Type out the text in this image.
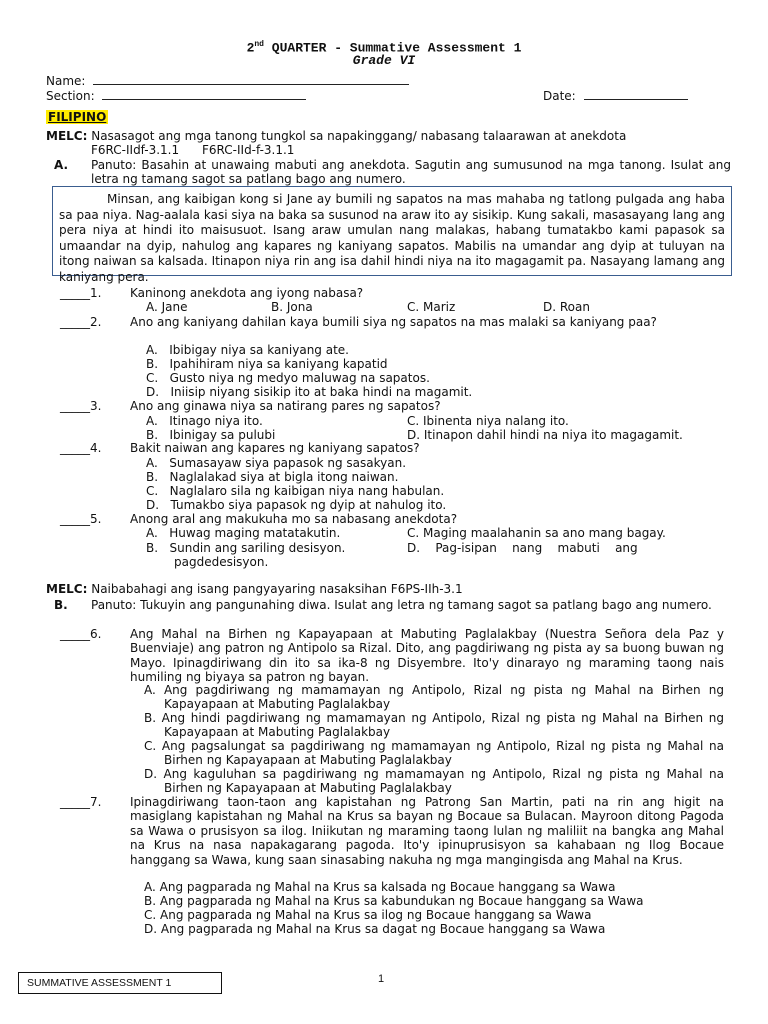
2nd QUARTER - Summative Assessment 1
Grade VI
Name:
Section:	Date:
FILIPINO
MELC: Nasasagot ang mga tanong tungkol sa napakinggang/ nabasang talaarawan at anekdota
F6RC-IIdf-3.1.1      F6RC-IId-f-3.1.1
A. Panuto: Basahin at unawaing mabuti ang anekdota. Sagutin ang sumusunod na mga tanong. Isulat ang letra ng tamang sagot sa patlang bago ang numero.
Minsan, ang kaibigan kong si Jane ay bumili ng sapatos na mas mahaba ng tatlong pulgada ang haba sa paa niya. Nag-aalala kasi siya na baka sa susunod na araw ito ay sisikip. Kung sakali, masasayang lang ang pera niya at hindi ito maisusuot. Isang araw umulan nang malakas, habang tumatakbo kami papasok sa umaandar na dyip, nahulog ang kapares ng kaniyang sapatos. Mabilis na umandar ang dyip at tuluyan na itong naiwan sa kalsada. Itinapon niya rin ang isa dahil hindi niya na ito magagamit pa. Nasayang lamang ang kaniyang pera.
_____1. Kaninong anekdota ang iyong nabasa?
A. Jane	B. Jona	C. Mariz	D. Roan
_____2. Ano ang kaniyang dahilan kaya bumili siya ng sapatos na mas malaki sa kaniyang paa?
A.   Ibibigay niya sa kaniyang ate.
B.   Ipahihiram niya sa kaniyang kapatid
C.   Gusto niya ng medyo maluwag na sapatos.
D.   Iniisip niyang sisikip ito at baka hindi na magamit.
_____3. Ano ang ginawa niya sa natirang pares ng sapatos?
A.   Itinago niya ito.	C. Ibinenta niya nalang ito.
B.   Ibinigay sa pulubi	D. Itinapon dahil hindi na niya ito magagamit.
_____4. Bakit naiwan ang kapares ng kaniyang sapatos?
A.   Sumasayaw siya papasok ng sasakyan.
B.   Naglalakad siya at bigla itong naiwan.
C.   Naglalaro sila ng kaibigan niya nang habulan.
D.   Tumakbo siya papasok ng dyip at nahulog ito.
_____5. Anong aral ang makukuha mo sa nabasang anekdota?
A.   Huwag maging matatakutin.	C. Maging maalahanin sa ano mang bagay.
B.   Sundin ang sariling desisyon.	D.    Pag-isipan    nang    mabuti    ang
pagdedesisyon.
MELC: Naibabahagi ang isang pangyayaring nasaksihan F6PS-IIh-3.1
B. Panuto: Tukuyin ang pangunahing diwa. Isulat ang letra ng tamang sagot sa patlang bago ang numero.
_____6. Ang Mahal na Birhen ng Kapayapaan at Mabuting Paglalakbay (Nuestra Señora dela Paz y Buenviaje) ang patron ng Antipolo sa Rizal. Dito, ang pagdiriwang ng pista ay sa buong buwan ng Mayo. Ipinagdiriwang din ito sa ika-8 ng Disyembre. Ito'y dinarayo ng maraming taong nais humiling ng biyaya sa patron ng bayan.
A. Ang pagdiriwang ng mamamayan ng Antipolo, Rizal ng pista ng Mahal na Birhen ng Kapayapaan at Mabuting Paglalakbay
B. Ang hindi pagdiriwang ng mamamayan ng Antipolo, Rizal ng pista ng Mahal na Birhen ng Kapayapaan at Mabuting Paglalakbay
C. Ang pagsalungat sa pagdiriwang ng mamamayan ng Antipolo, Rizal ng pista ng Mahal na Birhen ng Kapayapaan at Mabuting Paglalakbay
D. Ang kaguluhan sa pagdiriwang ng mamamayan ng Antipolo, Rizal ng pista ng Mahal na Birhen ng Kapayapaan at Mabuting Paglalakbay
_____7. Ipinagdiriwang taon-taon ang kapistahan ng Patrong San Martin, pati na rin ang higit na masiglang kapistahan ng Mahal na Krus sa bayan ng Bocaue sa Bulacan. Mayroon ditong Pagoda sa Wawa o prusisyon sa ilog. Iniikutan ng maraming taong lulan ng maliliit na bangka ang Mahal na Krus na nasa napakagarang pagoda. Ito'y ipinuprusisyon sa kahabaan ng Ilog Bocaue hanggang sa Wawa, kung saan sinasabing nakuha ng mga mangingisda ang Mahal na Krus.
A. Ang pagparada ng Mahal na Krus sa kalsada ng Bocaue hanggang sa Wawa
B. Ang pagparada ng Mahal na Krus sa kabundukan ng Bocaue hanggang sa Wawa
C. Ang pagparada ng Mahal na Krus sa ilog ng Bocaue hanggang sa Wawa
D. Ang pagparada ng Mahal na Krus sa dagat ng Bocaue hanggang sa Wawa
SUMMATIVE ASSESSMENT 1	1
